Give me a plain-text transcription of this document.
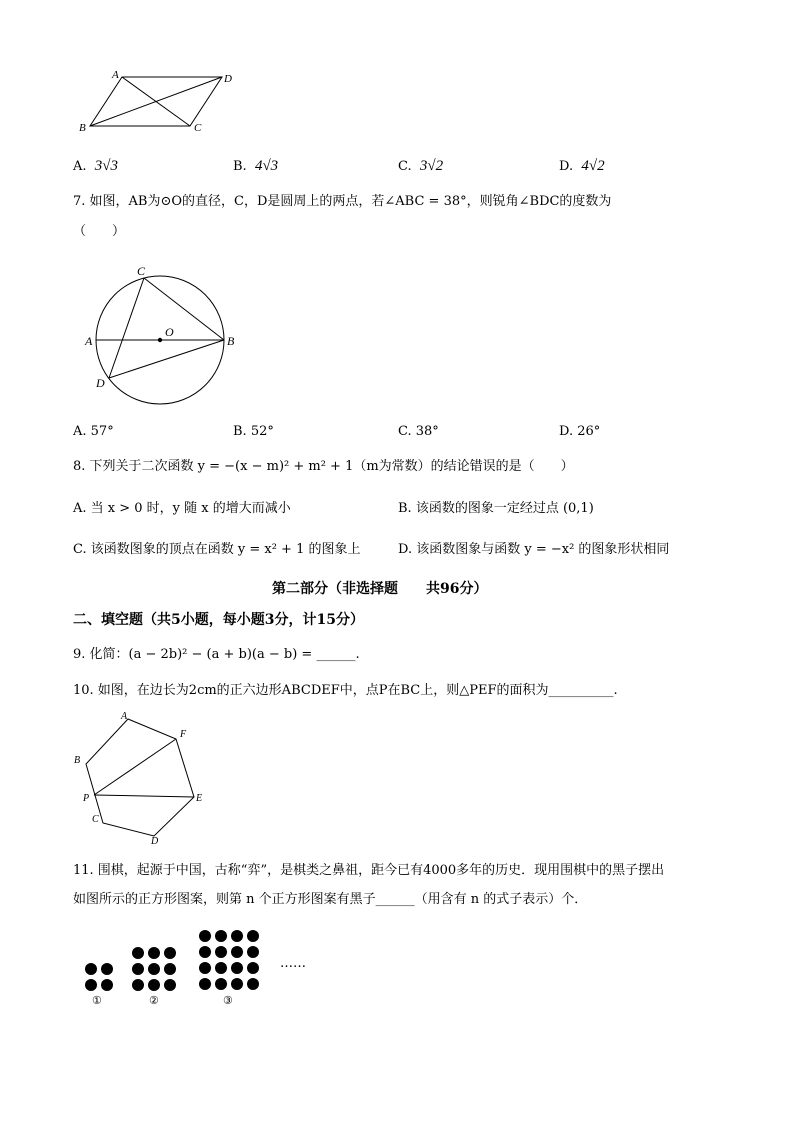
A	D
B	C
A. 3√3	B. 4√3	C. 3√2	D. 4√2
7. 如图，AB为⊙O的直径，C，D是圆周上的两点，若∠ABC = 38°，则锐角∠BDC的度数为
（　　）
C
A
O
B
D
A. 57°	B. 52°	C. 38°	D. 26°
8. 下列关于二次函数 y = −(x − m)² + m² + 1（m为常数）的结论错误的是（　　）
A. 当 x > 0 时，y 随 x 的增大而减小	B. 该函数的图象一定经过点 (0,1)
C. 该函数图象的顶点在函数 y = x² + 1 的图象上	D. 该函数图象与函数 y = −x² 的图象形状相同
第二部分（非选择题　　共96分）
二、填空题（共5小题，每小题3分，计15分）
9. 化简：(a − 2b)² − (a + b)(a − b) = ______.
10. 如图，在边长为2cm的正六边形ABCDEF中，点P在BC上，则△PEF的面积为__________.
A
F
B
P	E
C
D
11. 围棋，起源于中国，古称“弈”，是棋类之鼻祖，距今已有4000多年的历史．现用围棋中的黑子摆出
如图所示的正方形图案，则第 n 个正方形图案有黑子______（用含有 n 的式子表示）个．
……
①	②	③
